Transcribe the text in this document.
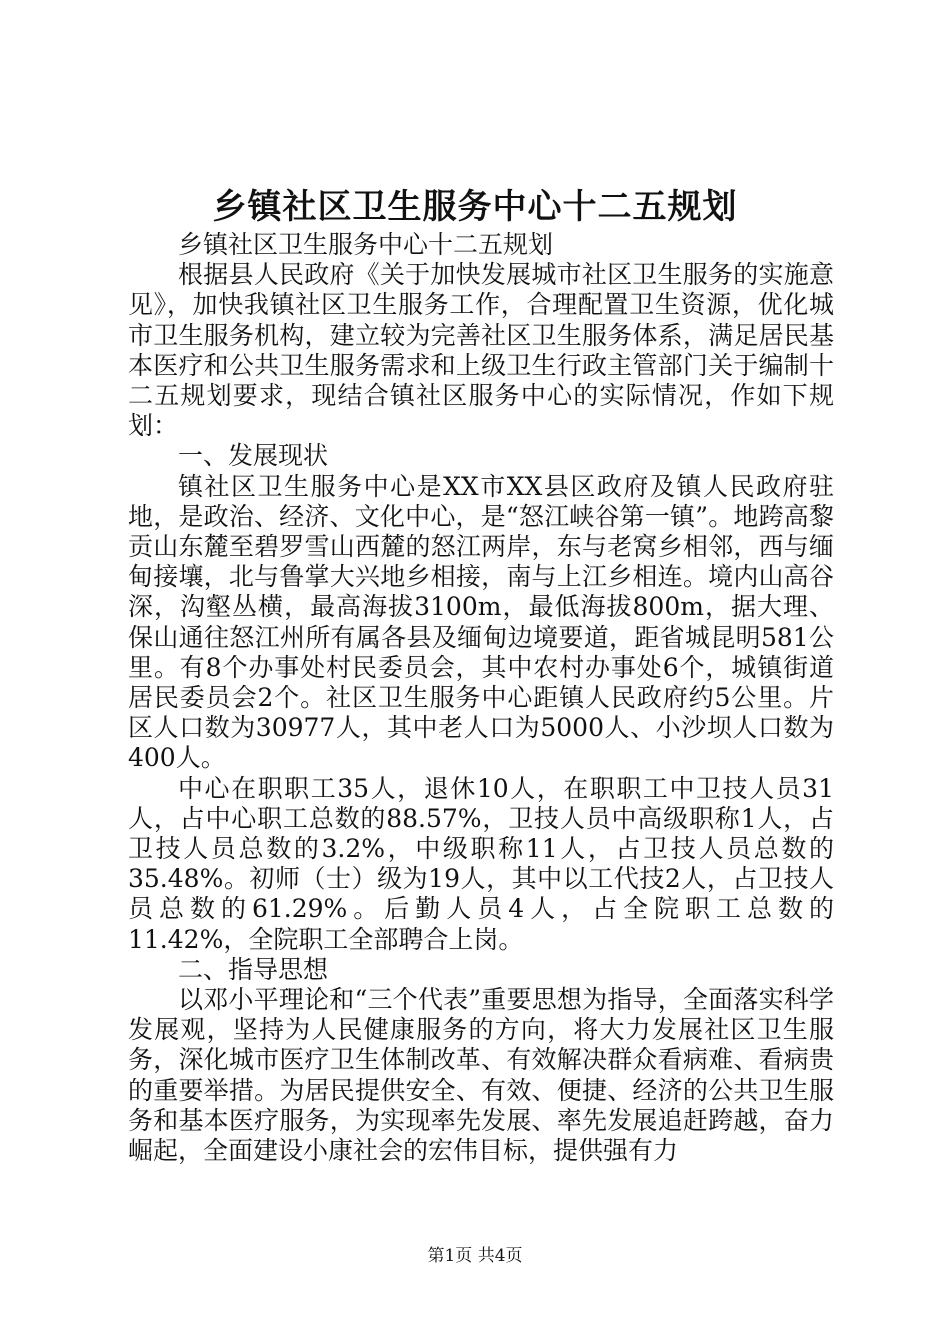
乡镇社区卫生服务中心十二五规划

乡镇社区卫生服务中心十二五规划

根据县人民政府《关于加快发展城市社区卫生服务的实施意见》，加快我镇社区卫生服务工作，合理配置卫生资源，优化城市卫生服务机构，建立较为完善社区卫生服务体系，满足居民基本医疗和公共卫生服务需求和上级卫生行政主管部门关于编制十二五规划要求，现结合镇社区服务中心的实际情况，作如下规划：

一、发展现状

镇社区卫生服务中心是XX市XX县区政府及镇人民政府驻地，是政治、经济、文化中心，是“怒江峡谷第一镇”。地跨高黎贡山东麓至碧罗雪山西麓的怒江两岸，东与老窝乡相邻，西与缅甸接壤，北与鲁掌大兴地乡相接，南与上江乡相连。境内山高谷深，沟壑丛横，最高海拔3100m，最低海拔800m，据大理、保山通往怒江州所有属各县及缅甸边境要道，距省城昆明581公里。有8个办事处村民委员会，其中农村办事处6个，城镇街道居民委员会2个。社区卫生服务中心距镇人民政府约5公里。片区人口数为30977人，其中老人口为5000人、小沙坝人口数为400人。

中心在职职工35人，退休10人，在职职工中卫技人员31人，占中心职工总数的88.57%，卫技人员中高级职称1人，占卫技人员总数的3.2%，中级职称11人，占卫技人员总数的35.48%。初师（士）级为19人，其中以工代技2人，占卫技人员总数的61.29%。后勤人员4人，占全院职工总数的11.42%，全院职工全部聘合上岗。

二、指导思想

以邓小平理论和“三个代表”重要思想为指导，全面落实科学发展观，坚持为人民健康服务的方向，将大力发展社区卫生服务，深化城市医疗卫生体制改革、有效解决群众看病难、看病贵的重要举措。为居民提供安全、有效、便捷、经济的公共卫生服务和基本医疗服务，为实现率先发展、率先发展追赶跨越，奋力崛起，全面建设小康社会的宏伟目标，提供强有力

第1页 共4页
